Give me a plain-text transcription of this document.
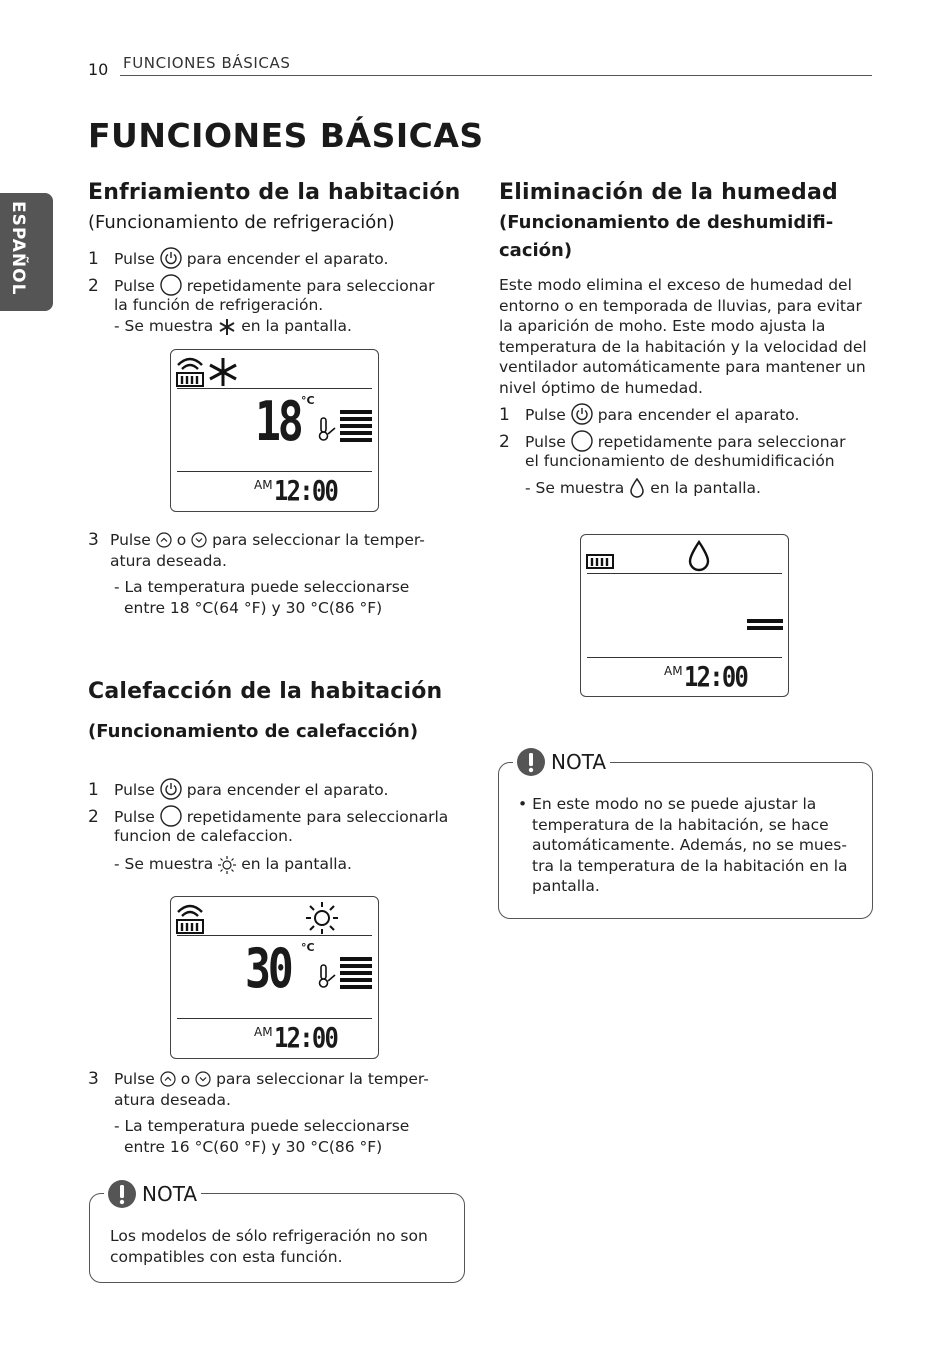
10 FUNCIONES BÁSICAS
FUNCIONES BÁSICAS
ESPAÑOL
Enfriamiento de la habitación
(Funcionamiento de refrigeración)
1 Pulse para encender el aparato.
2 Pulse repetidamente para seleccionar
la función de refrigeración.
- Se muestra en la pantalla.
18 °C
AM 12:00
3 Pulse o para seleccionar la temper-
atura deseada.
- La temperatura puede seleccionarse
entre 18 °C(64 °F) y 30 °C(86 °F)
Calefacción de la habitación
(Funcionamiento de calefacción)
1 Pulse para encender el aparato.
2 Pulse repetidamente para seleccionarla
funcion de calefaccion.
- Se muestra en la pantalla.
30 °C
AM 12:00
3 Pulse o para seleccionar la temper-
atura deseada.
- La temperatura puede seleccionarse
entre 16 °C(60 °F) y 30 °C(86 °F)
NOTA
Los modelos de sólo refrigeración no son
compatibles con esta función.
Eliminación de la humedad
(Funcionamiento de deshumidifi-
cación)
Este modo elimina el exceso de humedad del
entorno o en temporada de lluvias, para evitar
la aparición de moho. Este modo ajusta la
temperatura de la habitación y la velocidad del
ventilador automáticamente para mantener un
nivel óptimo de humedad.
1 Pulse para encender el aparato.
2 Pulse repetidamente para seleccionar
el funcionamiento de deshumidificación
- Se muestra en la pantalla.
AM 12:00
NOTA
• En este modo no se puede ajustar la
temperatura de la habitación, se hace
automáticamente. Además, no se mues-
tra la temperatura de la habitación en la
pantalla.
